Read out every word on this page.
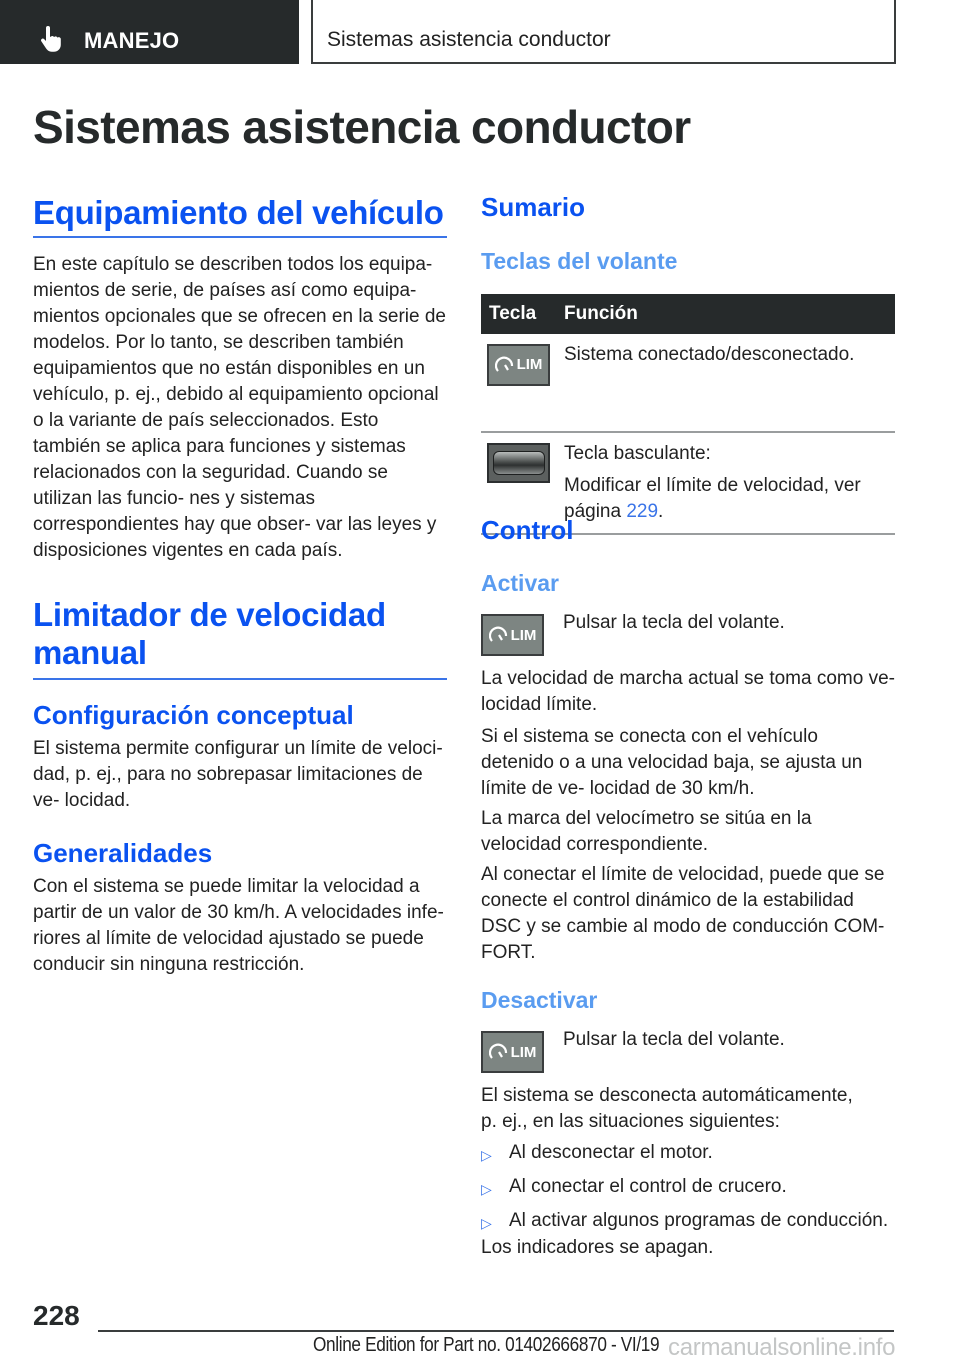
MANEJO	Sistemas asistencia conductor
Sistemas asistencia conductor
Equipamiento del vehículo
En este capítulo se describen todos los equipa- mientos de serie, de países así como equipa- mientos opcionales que se ofrecen en la serie de modelos. Por lo tanto, se describen también equipamientos que no están disponibles en un vehículo, p. ej., debido al equipamiento opcional o la variante de país seleccionados. Esto también se aplica para funciones y sistemas relacionados con la seguridad. Cuando se utilizan las funcio- nes y sistemas correspondientes hay que obser- var las leyes y disposiciones vigentes en cada país.
Limitador de velocidad manual
Configuración conceptual
El sistema permite configurar un límite de veloci- dad, p. ej., para no sobrepasar limitaciones de ve- locidad.
Generalidades
Con el sistema se puede limitar la velocidad a partir de un valor de 30 km/h. A velocidades infe- riores al límite de velocidad ajustado se puede conducir sin ninguna restricción.
Sumario
Teclas del volante
Tecla	Función

LIM	Sistema conectado/desconectado.

	Tecla basculante:
Modificar el límite de velocidad, ver página 229.
Control
Activar
LIM
Pulsar la tecla del volante.
La velocidad de marcha actual se toma como ve- locidad límite.
Si el sistema se conecta con el vehículo detenido o a una velocidad baja, se ajusta un límite de ve- locidad de 30 km/h.
La marca del velocímetro se sitúa en la velocidad correspondiente.
Al conectar el límite de velocidad, puede que se conecte el control dinámico de la estabilidad DSC y se cambie al modo de conducción COM- FORT.
Desactivar
LIM
Pulsar la tecla del volante.
El sistema se desconecta automáticamente, p. ej., en las situaciones siguientes:
▷ Al desconectar el motor.
▷ Al conectar el control de crucero.
▷ Al activar algunos programas de conducción.
Los indicadores se apagan.
228
Online Edition for Part no. 01402666870 - VI/19 carmanualsonline.info
